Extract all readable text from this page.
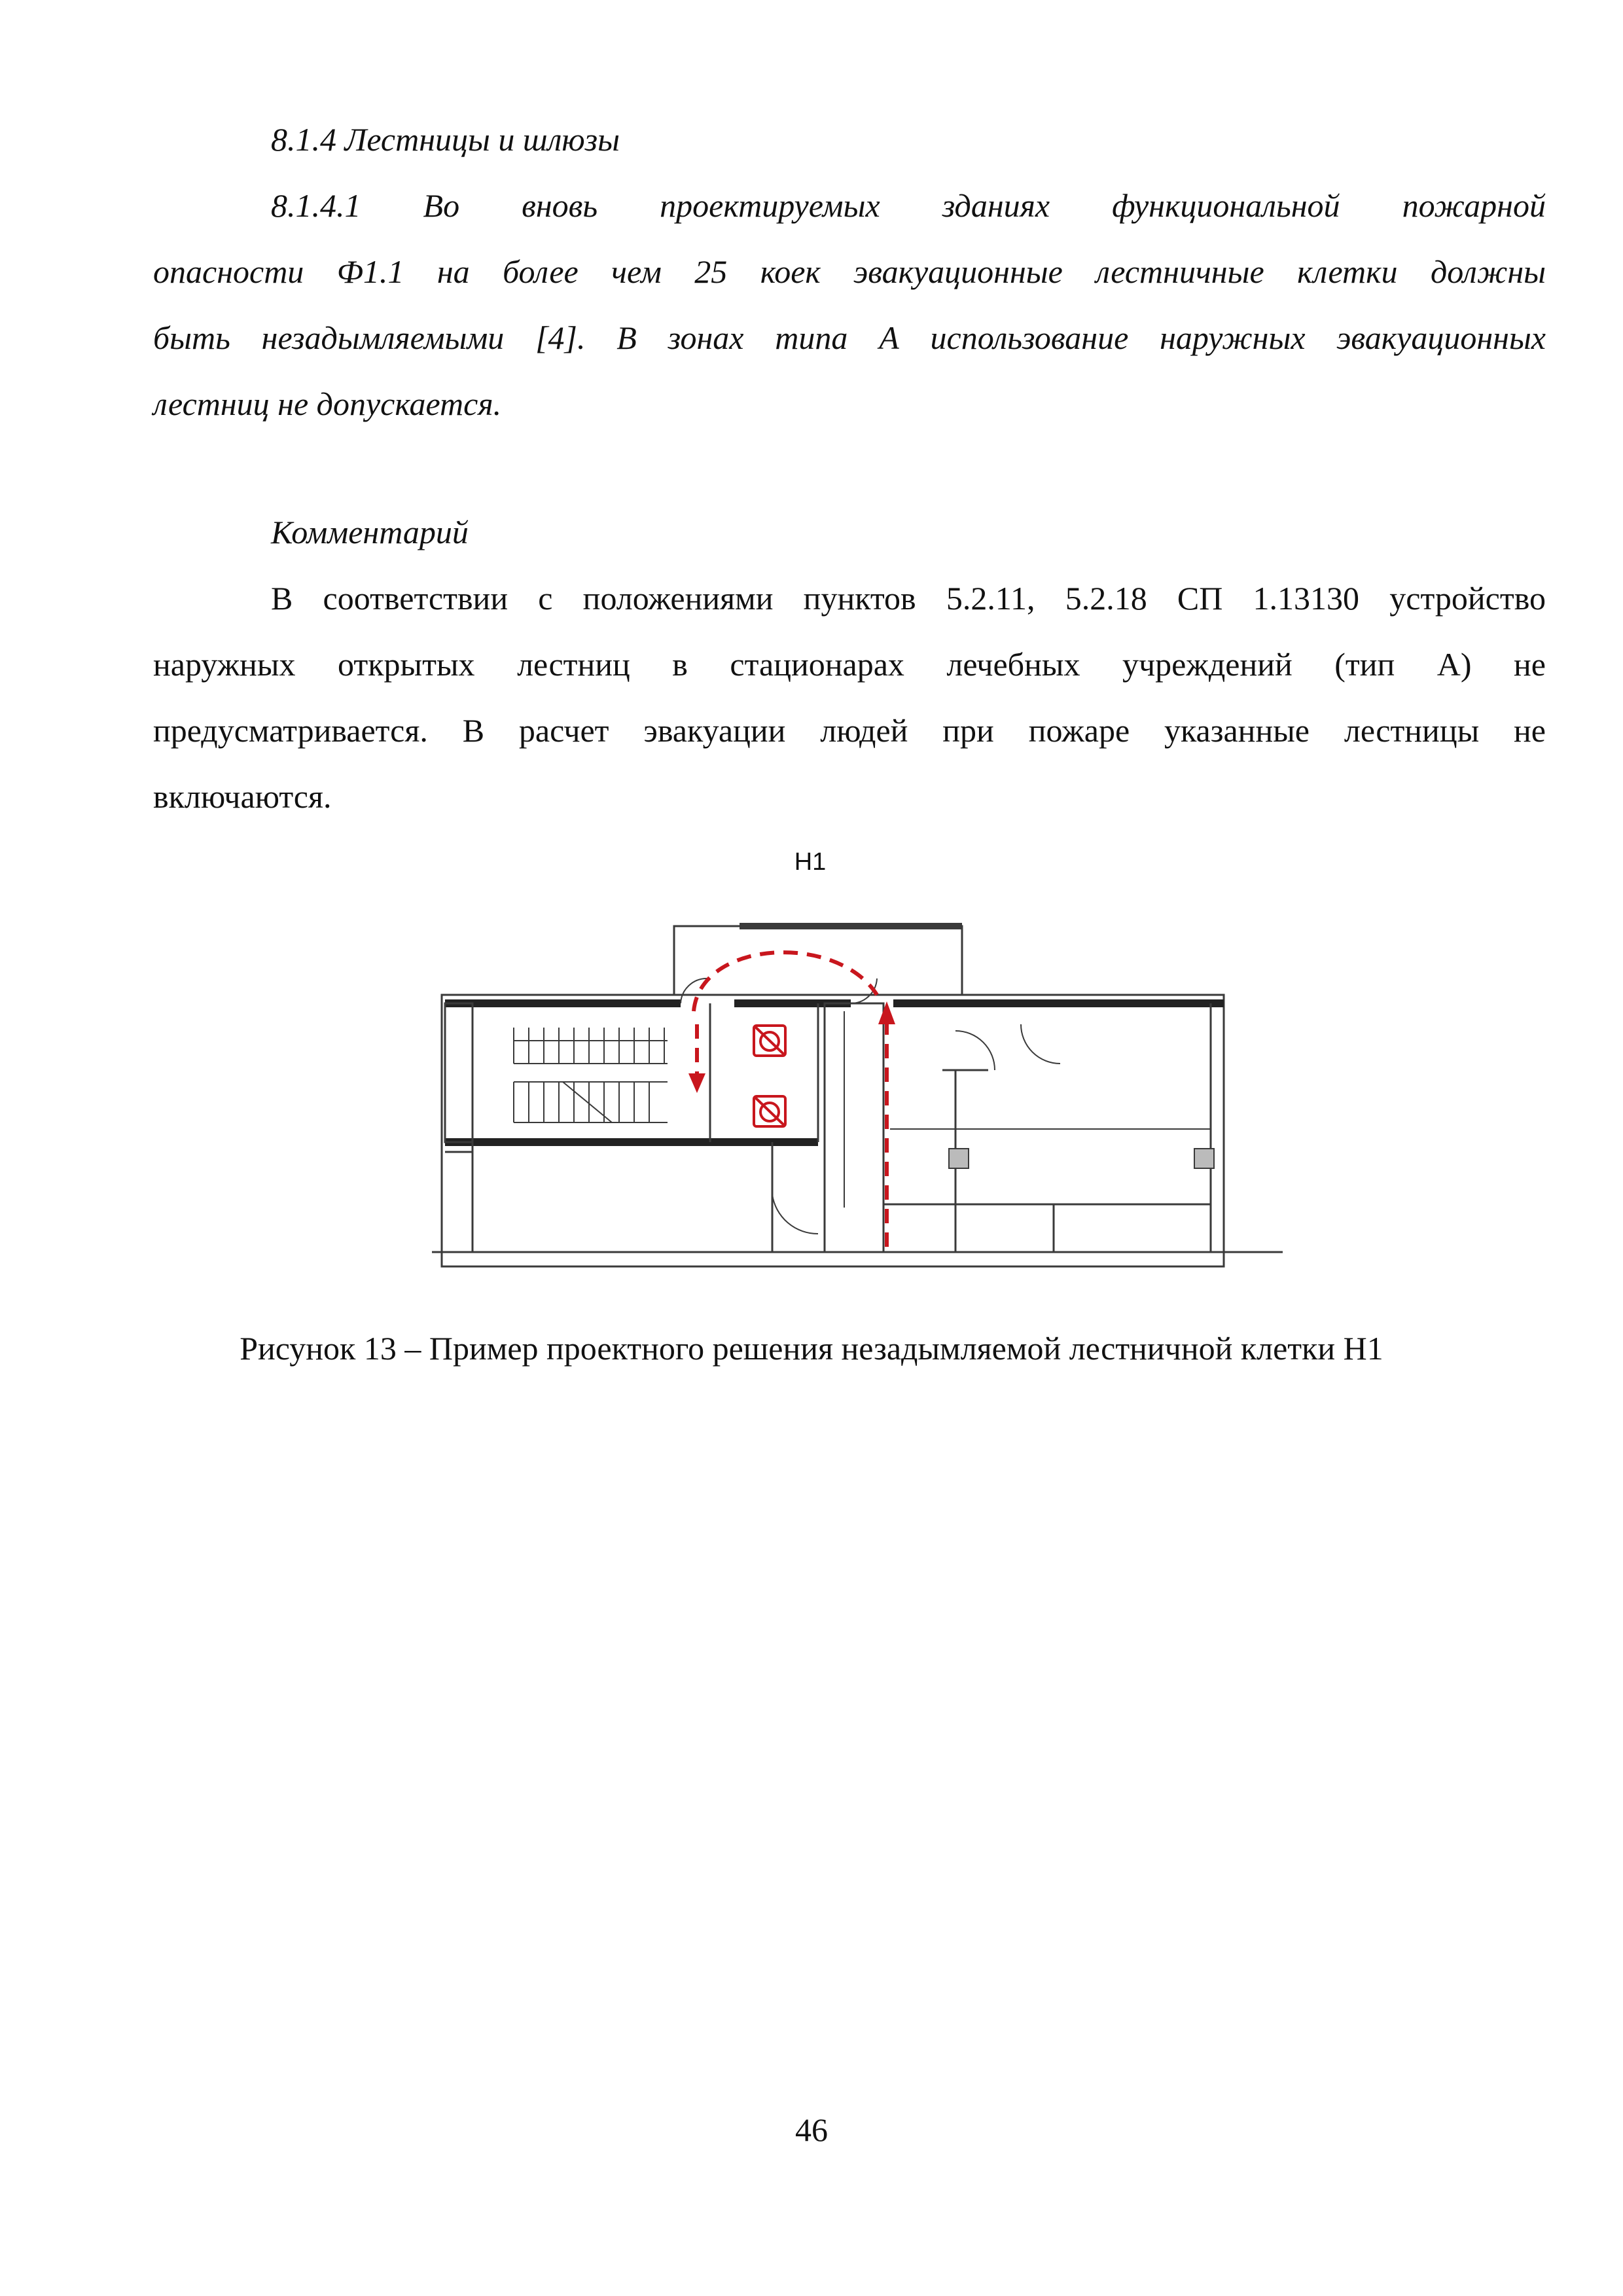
8.1.4 Лестницы и шлюзы
8.1.4.1 Во вновь проектируемых зданиях функциональной пожарной
опасности Ф1.1 на более чем 25 коек эвакуационные лестничные клетки должны
быть незадымляемыми [4]. В зонах типа А использование наружных эвакуационных
лестниц не допускается.
Комментарий
В соответствии с положениями пунктов 5.2.11, 5.2.18 СП 1.13130 устройство
наружных открытых лестниц в стационарах лечебных учреждений (тип А) не
предусматривается. В расчет эвакуации людей при пожаре указанные лестницы не
включаются.
Н1
Рисунок 13 – Пример проектного решения незадымляемой лестничной клетки Н1
46
